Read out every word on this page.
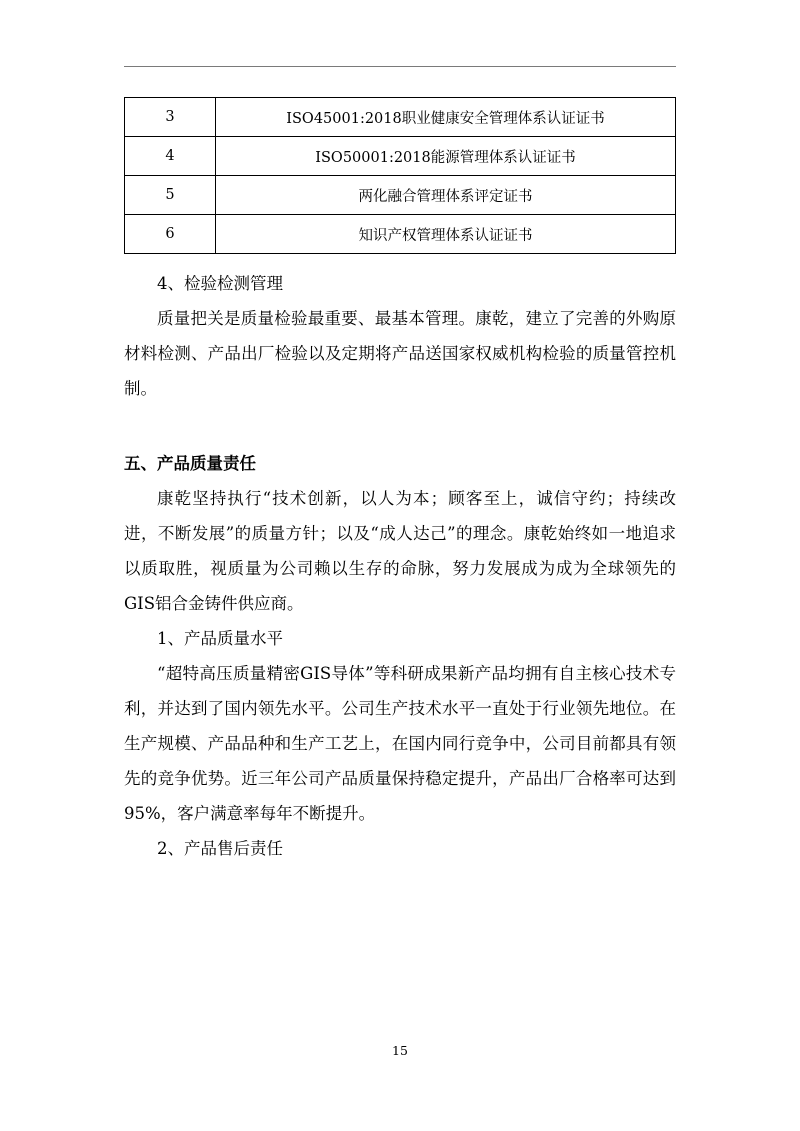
3	ISO45001:2018职业健康安全管理体系认证证书
4	ISO50001:2018能源管理体系认证证书
5	两化融合管理体系评定证书
6	知识产权管理体系认证证书

4、检验检测管理

质量把关是质量检验最重要、最基本管理。康乾，建立了完善的外购原材料检测、产品出厂检验以及定期将产品送国家权威机构检验的质量管控机制。

五、产品质量责任

康乾坚持执行“技术创新，以人为本；顾客至上，诚信守约；持续改进，不断发展”的质量方针；以及“成人达己”的理念。康乾始终如一地追求以质取胜，视质量为公司赖以生存的命脉，努力发展成为成为全球领先的GIS铝合金铸件供应商。

1、产品质量水平

“超特高压质量精密GIS导体”等科研成果新产品均拥有自主核心技术专利，并达到了国内领先水平。公司生产技术水平一直处于行业领先地位。在生产规模、产品品种和生产工艺上，在国内同行竞争中，公司目前都具有领先的竞争优势。近三年公司产品质量保持稳定提升，产品出厂合格率可达到95%，客户满意率每年不断提升。

2、产品售后责任

15
